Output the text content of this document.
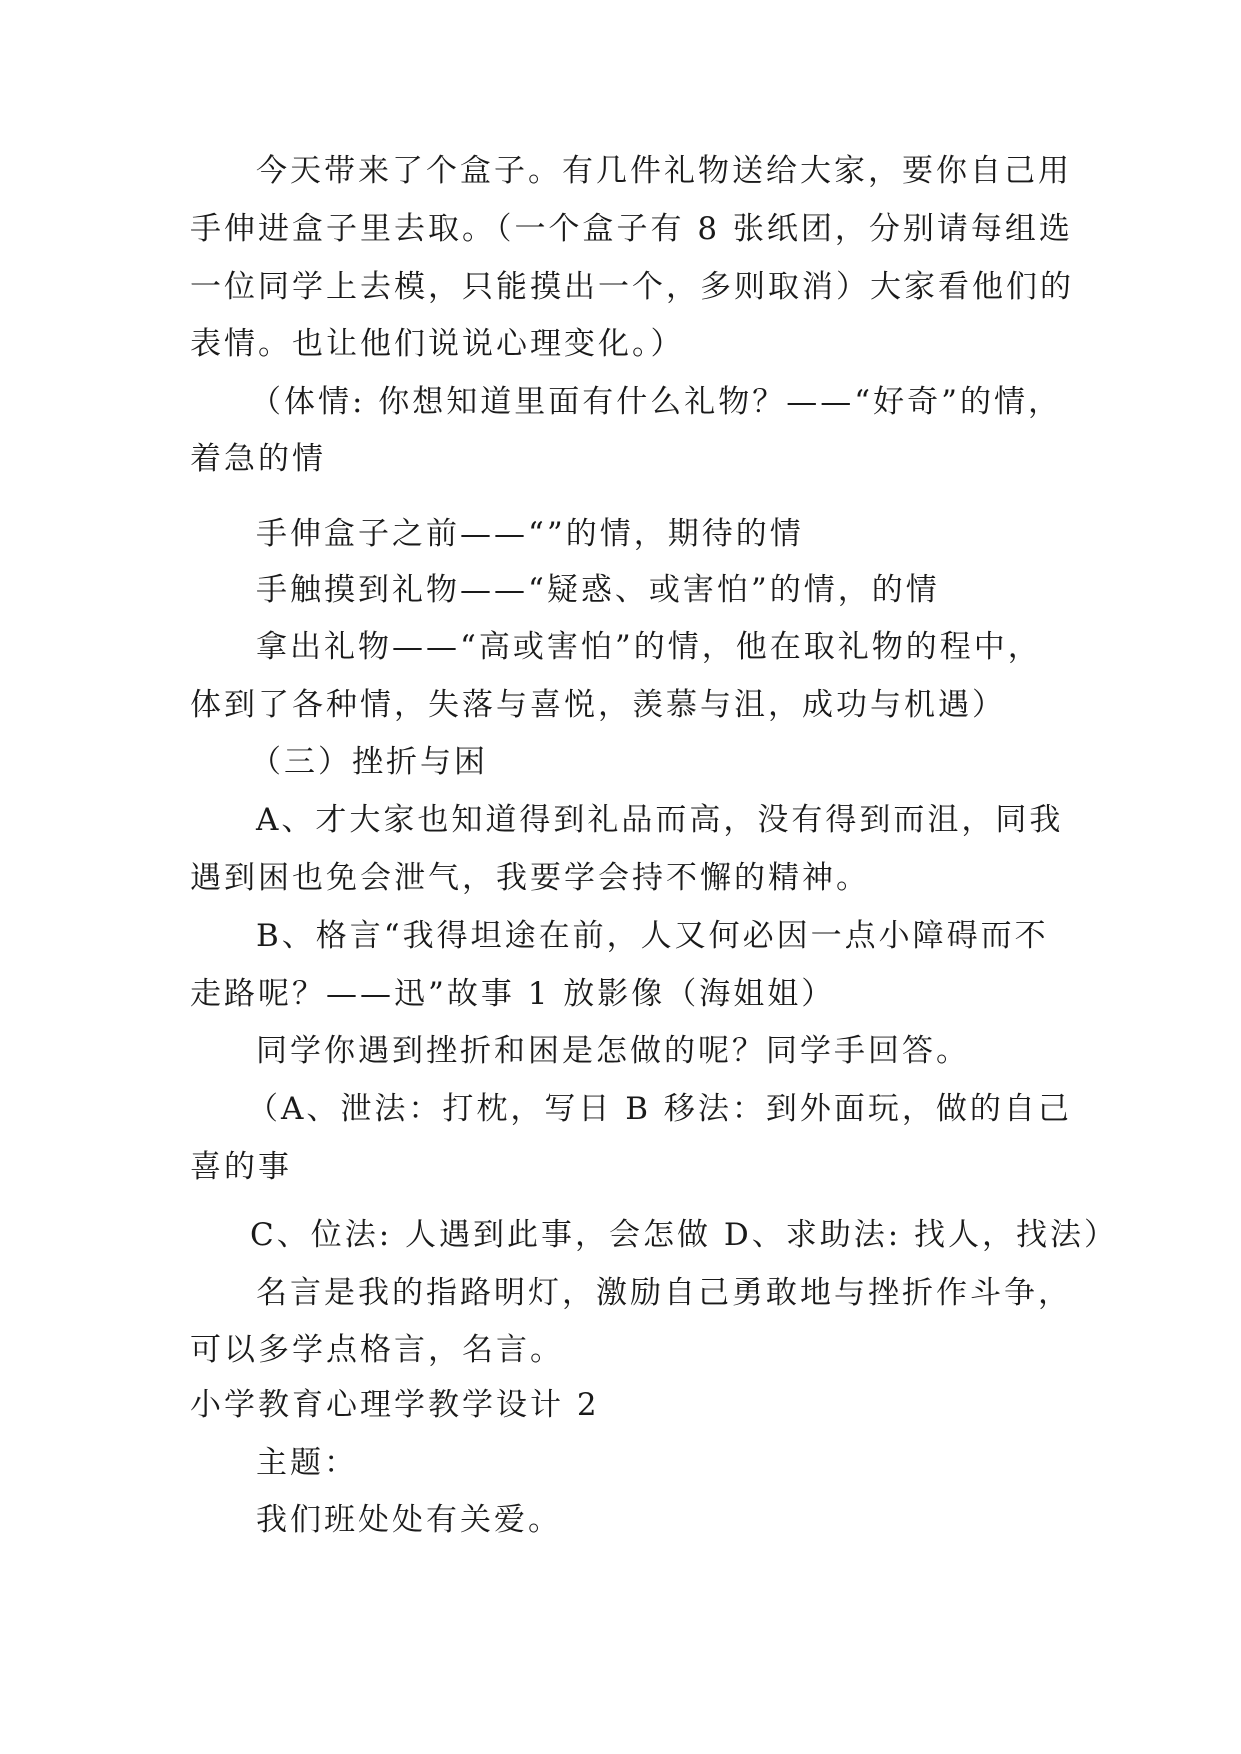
今天带来了个盒子。有几件礼物送给大家，要你自己用
手伸进盒子里去取。（一个盒子有 8 张纸团，分别请每组选
一位同学上去模，只能摸出一个，多则取消）大家看他们的
表情。也让他们说说心理变化。）
（体情: 你想知道里面有什么礼物？——“好奇”的情，
着急的情
手伸盒子之前——“”的情，期待的情
手触摸到礼物——“疑惑、或害怕”的情，的情
拿出礼物——“高或害怕”的情，他在取礼物的程中，
体到了各种情，失落与喜悦，羡慕与沮，成功与机遇）
（三）挫折与困
A、才大家也知道得到礼品而高，没有得到而沮，同我
遇到困也免会泄气，我要学会持不懈的精神。
B、格言“我得坦途在前，人又何必因一点小障碍而不
走路呢？——迅”故事 1 放影像（海姐姐）
同学你遇到挫折和困是怎做的呢？同学手回答。
（A、泄法：打枕，写日 B 移法：到外面玩，做的自己
喜的事
C、位法: 人遇到此事，会怎做 D、求助法: 找人，找法）
名言是我的指路明灯，激励自己勇敢地与挫折作斗争，
可以多学点格言，名言。
小学教育心理学教学设计 2
主题：
我们班处处有关爱。
